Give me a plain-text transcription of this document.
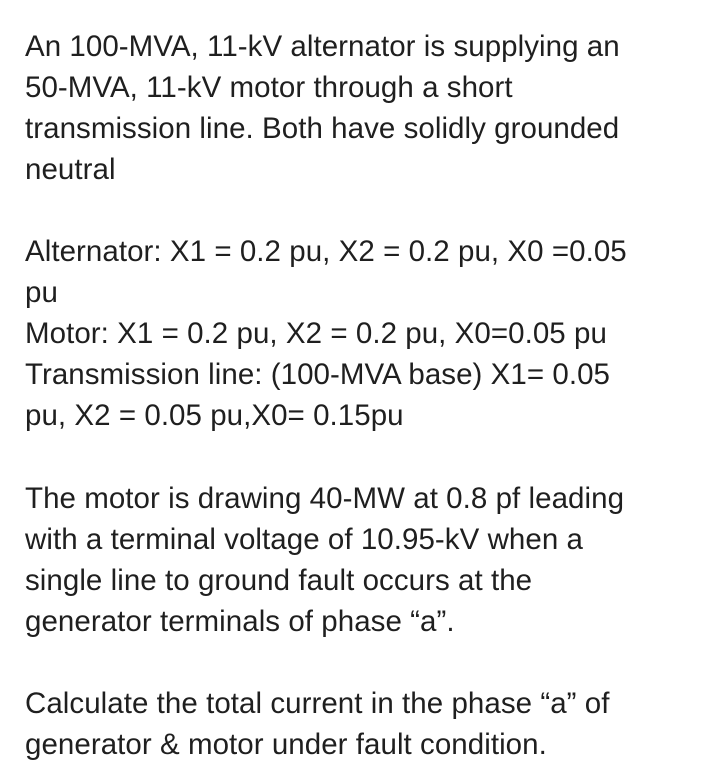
An 100-MVA, 11-kV alternator is supplying an
50-MVA, 11-kV motor through a short
transmission line. Both have solidly grounded
neutral
Alternator: X1 = 0.2 pu, X2 = 0.2 pu, X0 =0.05
pu
Motor: X1 = 0.2 pu, X2 = 0.2 pu, X0=0.05 pu
Transmission line: (100-MVA base) X1= 0.05
pu, X2 = 0.05 pu,X0= 0.15pu
The motor is drawing 40-MW at 0.8 pf leading
with a terminal voltage of 10.95-kV when a
single line to ground fault occurs at the
generator terminals of phase “a”.
Calculate the total current in the phase “a” of
generator & motor under fault condition.
